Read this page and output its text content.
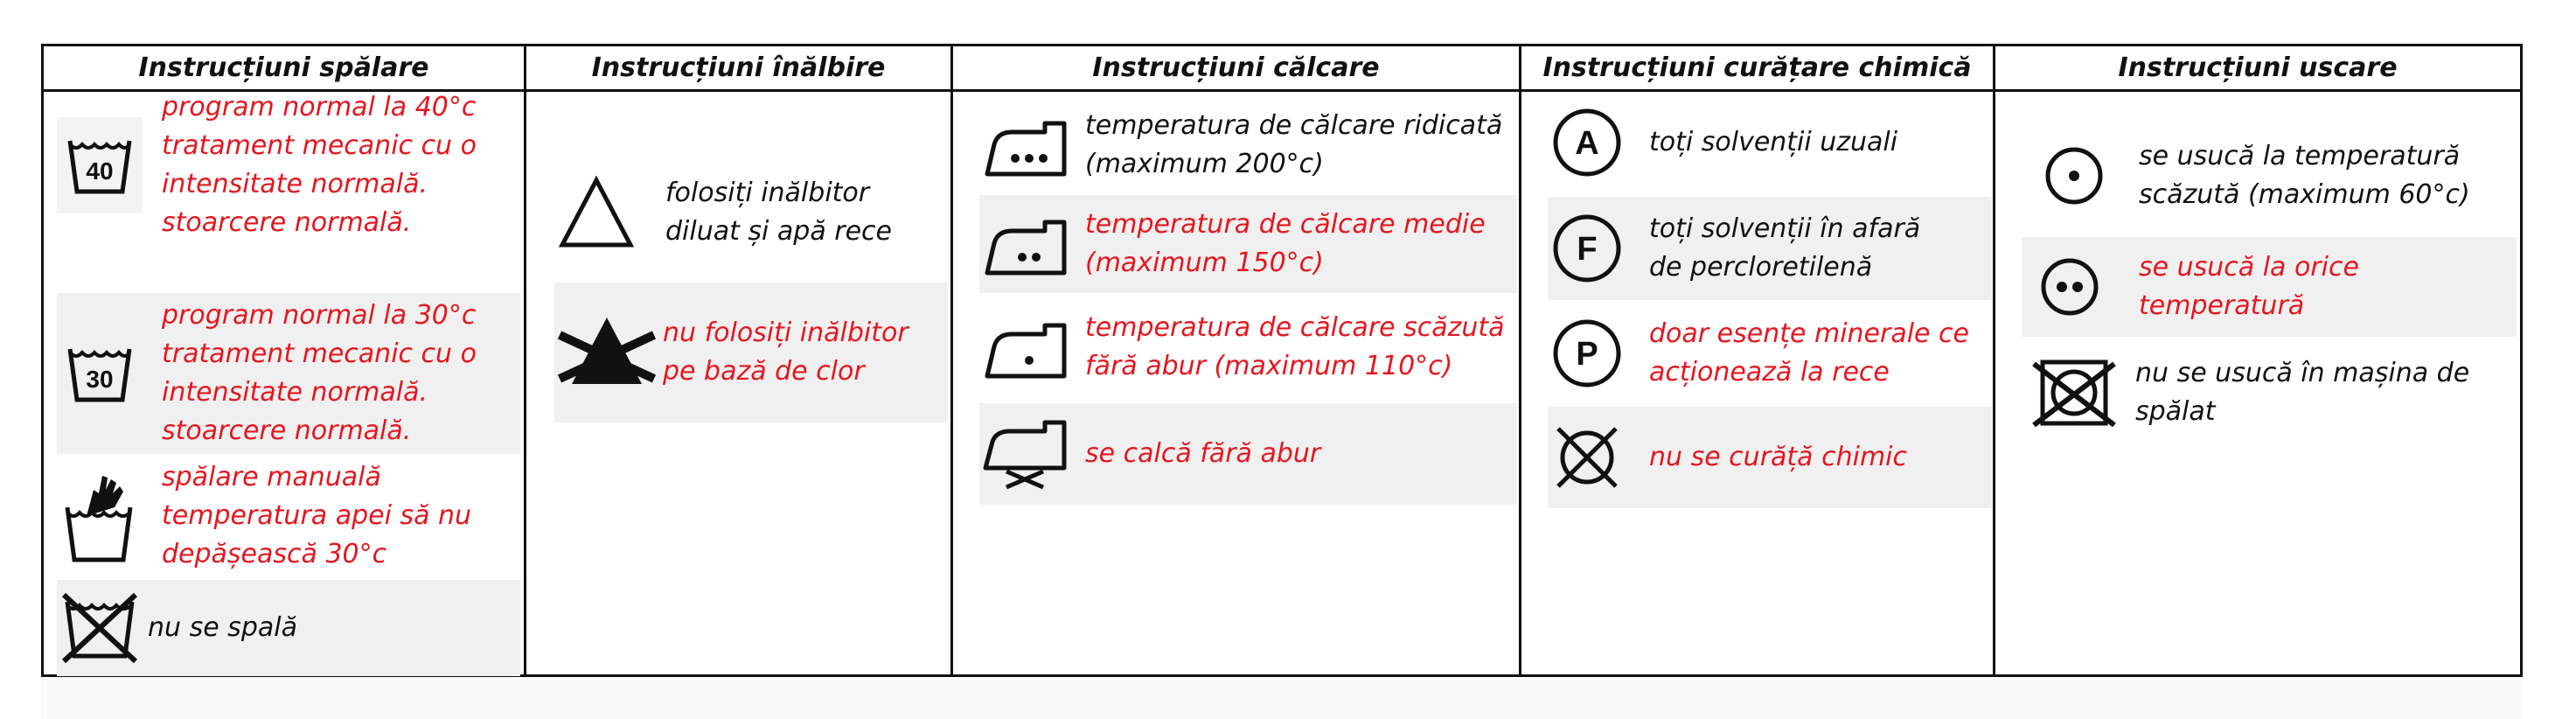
Instrucțiuni spălare
40
program normal la 40°c
tratament mecanic cu o
intensitate normală.
stoarcere normală.
30
program normal la 30°c
tratament mecanic cu o
intensitate normală.
stoarcere normală.
spălare manuală
temperatura apei să nu
depășească 30°c
nu se spală
Instrucțiuni înălbire
folosiți inălbitor
diluat și apă rece
nu folosiți inălbitor
pe bază de clor
Instrucțiuni călcare
temperatura de călcare ridicată
(maximum 200°c)
temperatura de călcare medie
(maximum 150°c)
temperatura de călcare scăzută
fără abur (maximum 110°c)
se calcă fără abur
Instrucțiuni curățare chimică
A toți solvenții uzuali
F
toți solvenții în afară
de percloretilenă
P
doar esențe minerale ce
acționează la rece
nu se curăță chimic
Instrucțiuni uscare
se usucă la temperatură
scăzută (maximum 60°c)
se usucă la orice temperatură
nu se usucă în mașina de
spălat
